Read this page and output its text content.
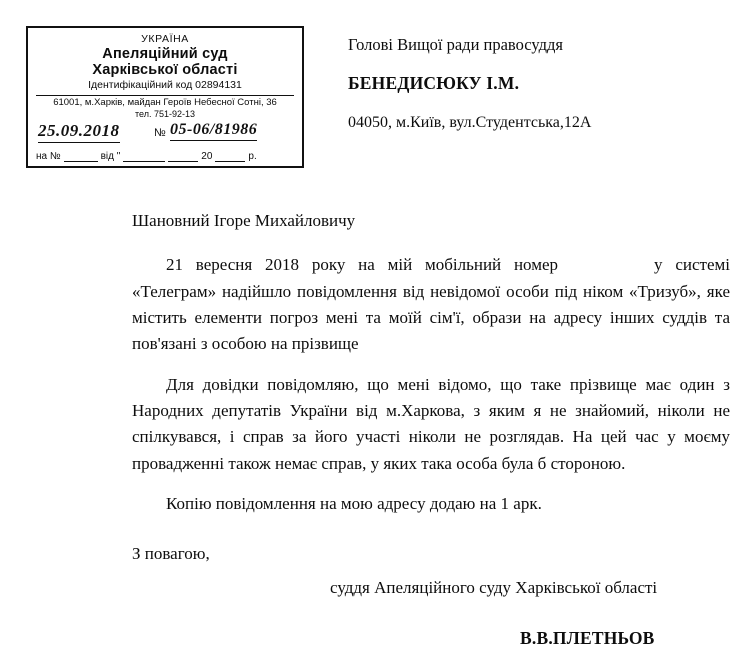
УКРАЇНА
Апеляційний суд
Харківської області
Ідентифікаційний код 02894131
61001, м.Харків, майдан Героїв Небесної Сотні, 36
тел. 751-92-13
25.09.2018	№ 05-06/81986
на №	від "	20	р.
Голові Вищої ради правосуддя
БЕНЕДИСЮКУ І.М.
04050, м.Київ, вул.Студентська,12А

Шановний Ігоре Михайловичу

21 вересня 2018 року на мій мобільний номер	у системі «Телеграм» надійшло повідомлення від невідомої особи під ніком «Тризуб», яке містить елементи погроз мені та моїй сім'ї, образи на адресу інших суддів та пов'язані з особою на прізвище

Для довідки повідомляю, що мені відомо, що таке прізвище має один з Народних депутатів України від м.Харкова, з яким я не знайомий, ніколи не спілкувався, і справ за його участі ніколи не розглядав. На цей час у моєму провадженні також немає справ, у яких така особа була б стороною.

Копію повідомлення на мою адресу додаю на 1 арк.

З повагою,

суддя Апеляційного суду Харківської області
В.В.ПЛЕТНЬОВ
